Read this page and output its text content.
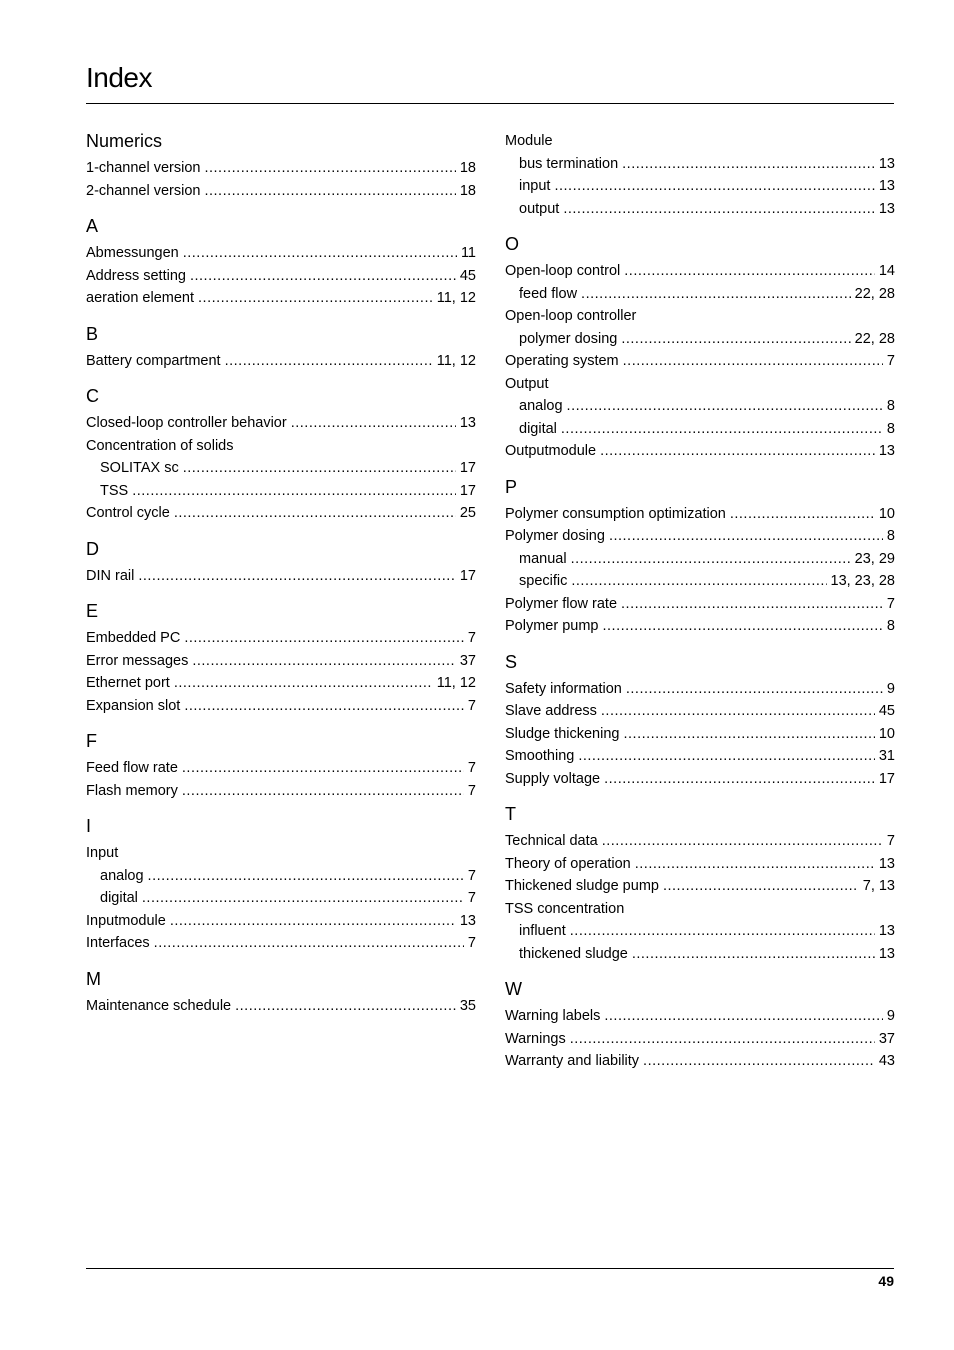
Index
Numerics
1-channel version .....	18
2-channel version .....	18
A
Abmessungen .....	11
Address setting .....	45
aeration element .....	11, 12
B
Battery compartment .....	11, 12
C
Closed-loop controller behavior .....	13
Concentration of solids
SOLITAX sc .....	17
TSS .....	17
Control cycle .....	25
D
DIN rail .....	17
E
Embedded PC .....	7
Error messages .....	37
Ethernet port .....	11, 12
Expansion slot .....	7
F
Feed flow rate .....	7
Flash memory .....	7
I
Input
analog .....	7
digital .....	7
Inputmodule .....	13
Interfaces .....	7
M
Maintenance schedule .....	35
Module
bus termination .....	13
input .....	13
output .....	13
O
Open-loop control .....	14
feed flow .....	22, 28
Open-loop controller
polymer dosing .....	22, 28
Operating system .....	7
Output
analog .....	8
digital .....	8
Outputmodule .....	13
P
Polymer consumption optimization .....	10
Polymer dosing .....	8
manual .....	23, 29
specific .....	13, 23, 28
Polymer flow rate .....	7
Polymer pump .....	8
S
Safety information .....	9
Slave address .....	45
Sludge thickening .....	10
Smoothing .....	31
Supply voltage .....	17
T
Technical data .....	7
Theory of operation .....	13
Thickened sludge pump .....	7, 13
TSS concentration
influent .....	13
thickened sludge .....	13
W
Warning labels .....	9
Warnings .....	37
Warranty and liability .....	43
49
